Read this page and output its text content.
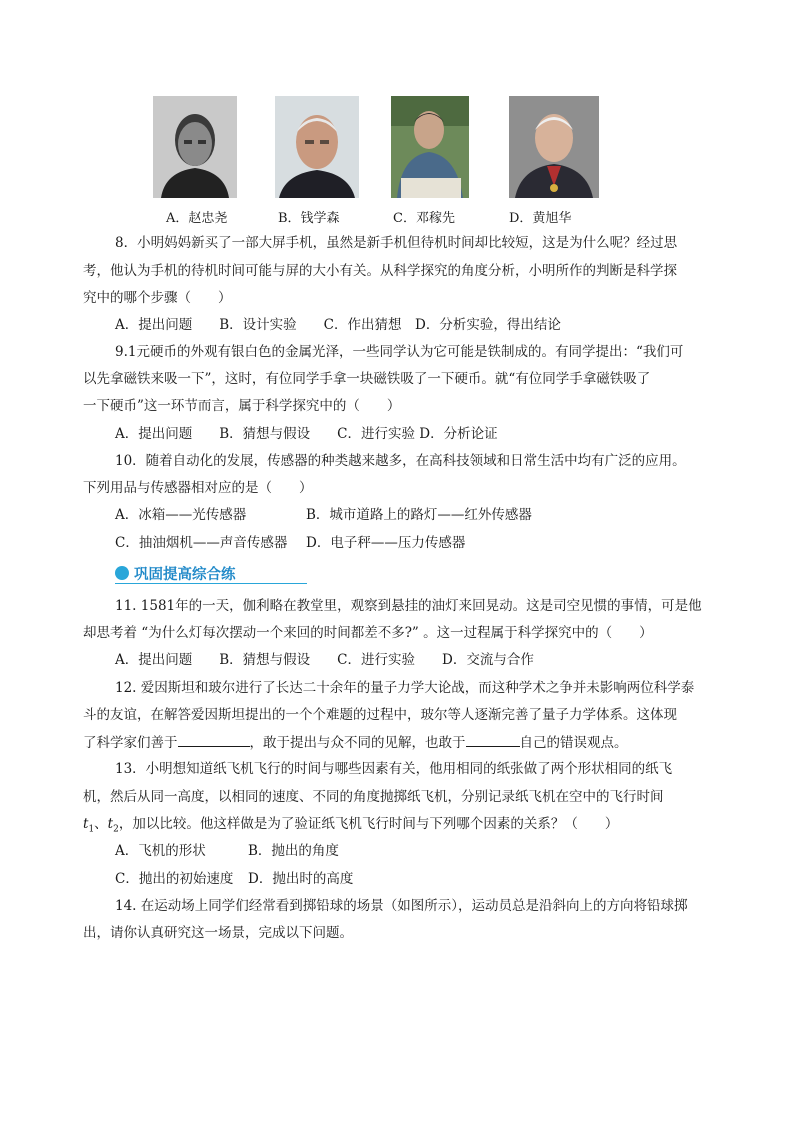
A．赵忠尧	B．钱学森	C．邓稼先	D．黄旭华
8．小明妈妈新买了一部大屏手机，虽然是新手机但待机时间却比较短，这是为什么呢？经过思
考，他认为手机的待机时间可能与屏的大小有关。从科学探究的角度分析，小明所作的判断是科学探
究中的哪个步骤（　　）
A．提出问题　　B．设计实验　　C．作出猜想　D．分析实验，得出结论
9.1元硬币的外观有银白色的金属光泽，一些同学认为它可能是铁制成的。有同学提出：“我们可
以先拿磁铁来吸一下”，这时，有位同学手拿一块磁铁吸了一下硬币。就“有位同学手拿磁铁吸了
一下硬币”这一环节而言，属于科学探究中的（　　）
A．提出问题　　B．猜想与假设　　C．进行实验 D．分析论证
10．随着自动化的发展，传感器的种类越来越多，在高科技领域和日常生活中均有广泛的应用。
下列用品与传感器相对应的是（　　）
A．冰箱——光传感器	B．城市道路上的路灯——红外传感器
C．抽油烟机——声音传感器 D．电子秤——压力传感器
巩固提高综合练
11. 1581年的一天，伽利略在教堂里，观察到悬挂的油灯来回晃动。这是司空见惯的事情，可是他
却思考着 “为什么灯每次摆动一个来回的时间都差不多?” 。这一过程属于科学探究中的（　　）
A．提出问题　　B．猜想与假设　　C．进行实验　　D．交流与合作
12. 爱因斯坦和玻尔进行了长达二十余年的量子力学大论战，而这种学术之争并未影响两位科学泰
斗的友谊，在解答爱因斯坦提出的一个个难题的过程中，玻尔等人逐渐完善了量子力学体系。这体现
了科学家们善于	，敢于提出与众不同的见解，也敢于	自己的错误观点。
13．小明想知道纸飞机飞行的时间与哪些因素有关，他用相同的纸张做了两个形状相同的纸飞
机，然后从同一高度，以相同的速度、不同的角度抛掷纸飞机，分别记录纸飞机在空中的飞行时间
$t_1$、$t_2$，加以比较。他这样做是为了验证纸飞机飞行时间与下列哪个因素的关系？（　　）
A．飞机的形状	B．抛出的角度
C．抛出的初始速度 D．抛出时的高度
14. 在运动场上同学们经常看到掷铅球的场景（如图所示），运动员总是沿斜向上的方向将铅球掷
出，请你认真研究这一场景，完成以下问题。
